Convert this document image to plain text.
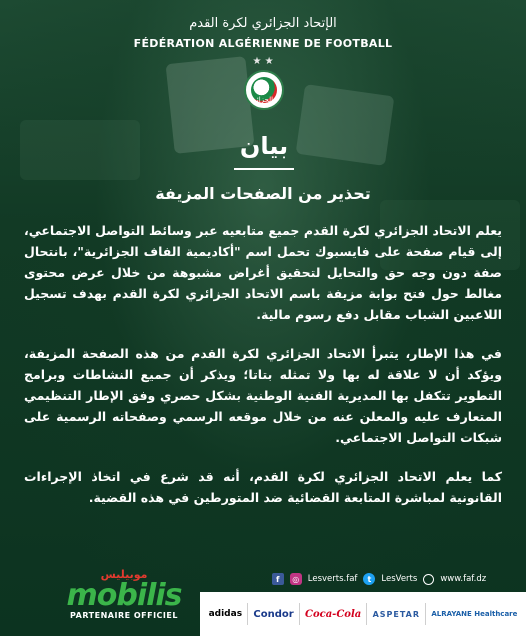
الإتحاد الجزائري لكرة القدم
FÉDÉRATION ALGÉRIENNE DE FOOTBALL
★ ★
الجزائر
بيان
تحذير من الصفحات المزيفة

يعلم الاتحاد الجزائري لكرة القدم جميع متابعيه عبر وسائط التواصل الاجتماعي، إلى قيام صفحة على فايسبوك تحمل اسم "أكاديمية الفاف الجزائرية"، بانتحال صفة دون وجه حق والتحايل لتحقيق أغراض مشبوهة من خلال عرض محتوى مغالط حول فتح بوابة مزيفة باسم الاتحاد الجزائري لكرة القدم بهدف تسجيل اللاعبين الشباب مقابل دفع رسوم مالية.

في هذا الإطار، يتبرأ الاتحاد الجزائري لكرة القدم من هذه الصفحة المزيفة، ويؤكد أن لا علاقة له بها ولا تمثله بتاتا؛ ويذكر أن جميع النشاطات وبرامج التطوير تتكفل بها المديرية الفنية الوطنية بشكل حصري وفق الإطار التنظيمي المتعارف عليه والمعلن عنه من خلال موقعه الرسمي وصفحاته الرسمية على شبكات التواصل الاجتماعي.

كما يعلم الاتحاد الجزائري لكرة القدم، أنه قد شرع في اتخاذ الإجراءات القانونية لمباشرة المتابعة القضائية ضد المتورطين في هذه القضية.

موبيليس
mobilis
PARTENAIRE OFFICIEL
f	◎ Lesverts.faf	t	LesVerts	www.faf.dz
adidas Condor Coca-Cola ASPETAR ALRAYANE Healthcare
